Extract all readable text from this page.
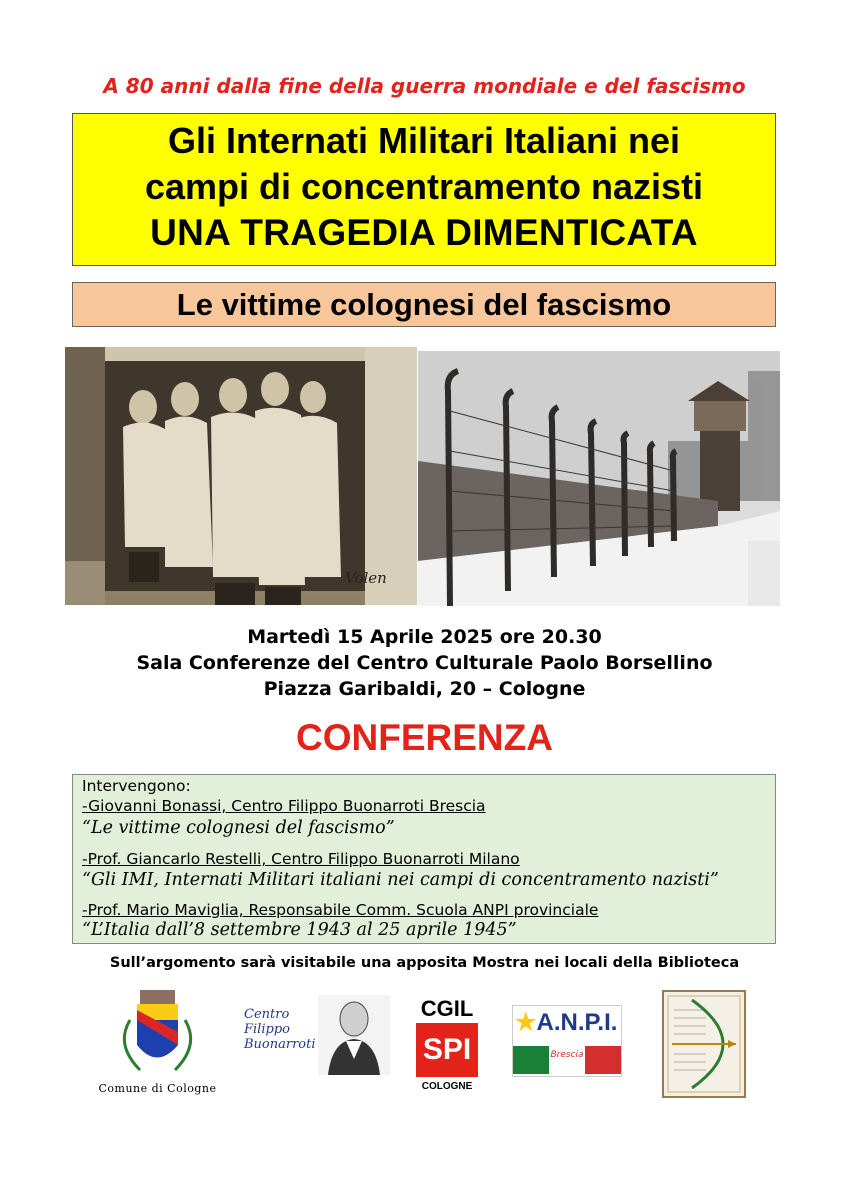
A 80 anni dalla fine della guerra mondiale e del fascismo
Gli Internati Militari Italiani nei
campi di concentramento nazisti
UNA TRAGEDIA DIMENTICATA
Le vittime colognesi del fascismo
Volen
Martedì 15 Aprile 2025 ore 20.30
Sala Conferenze del Centro Culturale Paolo Borsellino
Piazza Garibaldi, 20 – Cologne
CONFERENZA
Intervengono:
-Giovanni Bonassi, Centro Filippo Buonarroti Brescia
“Le vittime colognesi del fascismo”
-Prof. Giancarlo Restelli, Centro Filippo Buonarroti Milano
“Gli IMI, Internati Militari italiani nei campi di concentramento nazisti”
-Prof. Mario Maviglia, Responsabile Comm. Scuola ANPI provinciale
“L’Italia dall’8 settembre 1943 al 25 aprile 1945”
Sull’argomento sarà visitabile una apposita Mostra nei locali della Biblioteca
Comune di Cologne
Centro
Filippo
Buonarroti
CGIL
SPI
COLOGNE
★A.N.P.I.
Brescia
